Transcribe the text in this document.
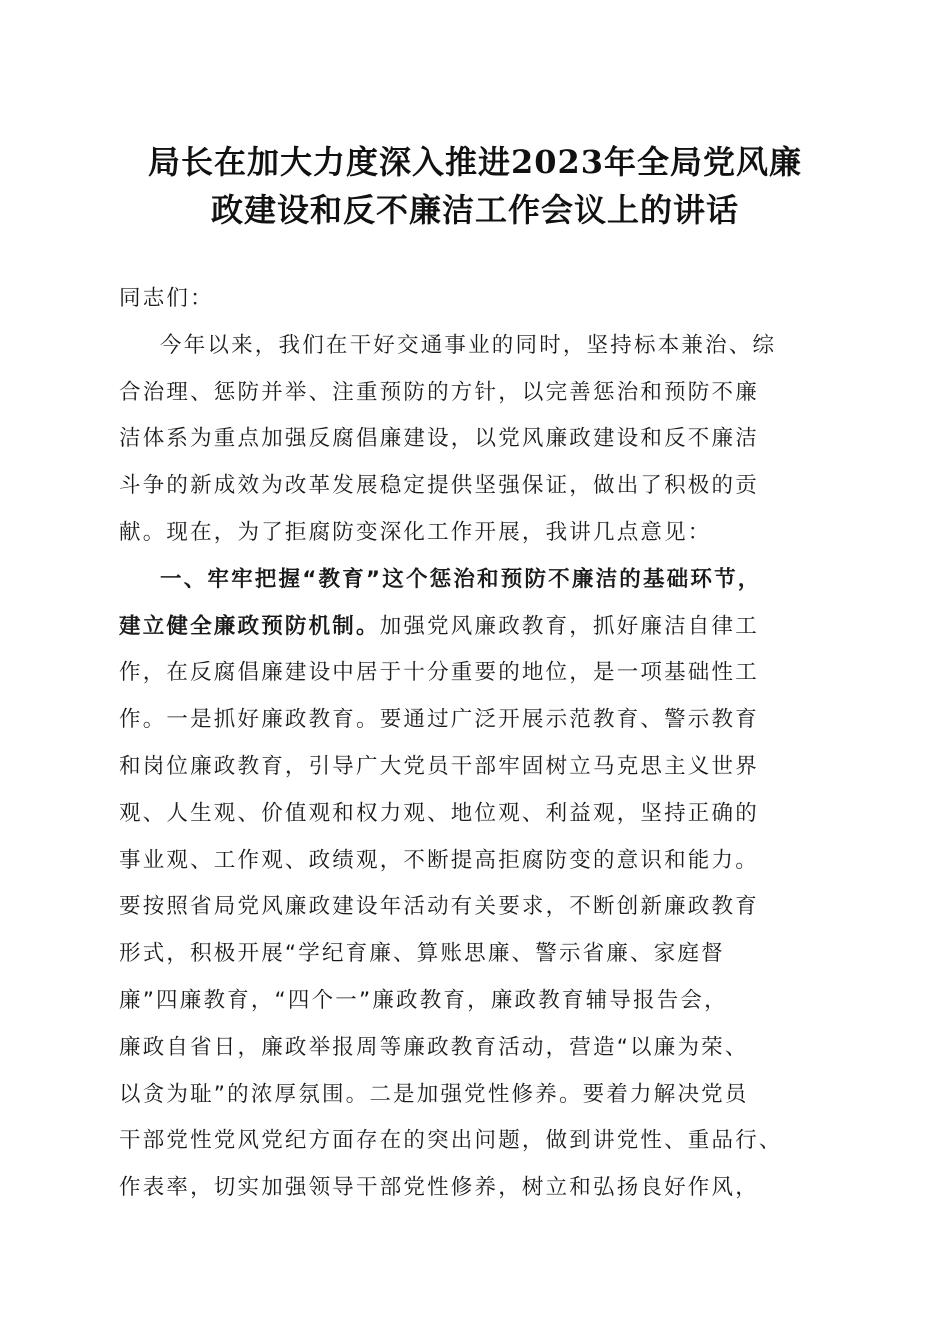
局长在加大力度深入推进2023年全局党风廉
政建设和反不廉洁工作会议上的讲话
同志们：
今年以来，我们在干好交通事业的同时，坚持标本兼治、综
合治理、惩防并举、注重预防的方针，以完善惩治和预防不廉
洁体系为重点加强反腐倡廉建设，以党风廉政建设和反不廉洁
斗争的新成效为改革发展稳定提供坚强保证，做出了积极的贡
献。现在，为了拒腐防变深化工作开展，我讲几点意见：
一、牢牢把握“教育”这个惩治和预防不廉洁的基础环节，
建立健全廉政预防机制。加强党风廉政教育，抓好廉洁自律工
作，在反腐倡廉建设中居于十分重要的地位，是一项基础性工
作。一是抓好廉政教育。要通过广泛开展示范教育、警示教育
和岗位廉政教育，引导广大党员干部牢固树立马克思主义世界
观、人生观、价值观和权力观、地位观、利益观，坚持正确的
事业观、工作观、政绩观，不断提高拒腐防变的意识和能力。
要按照省局党风廉政建设年活动有关要求，不断创新廉政教育
形式，积极开展“学纪育廉、算账思廉、警示省廉、家庭督
廉”四廉教育，“四个一”廉政教育，廉政教育辅导报告会，
廉政自省日，廉政举报周等廉政教育活动，营造“以廉为荣、
以贪为耻”的浓厚氛围。二是加强党性修养。要着力解决党员
干部党性党风党纪方面存在的突出问题，做到讲党性、重品行、
作表率，切实加强领导干部党性修养，树立和弘扬良好作风，
